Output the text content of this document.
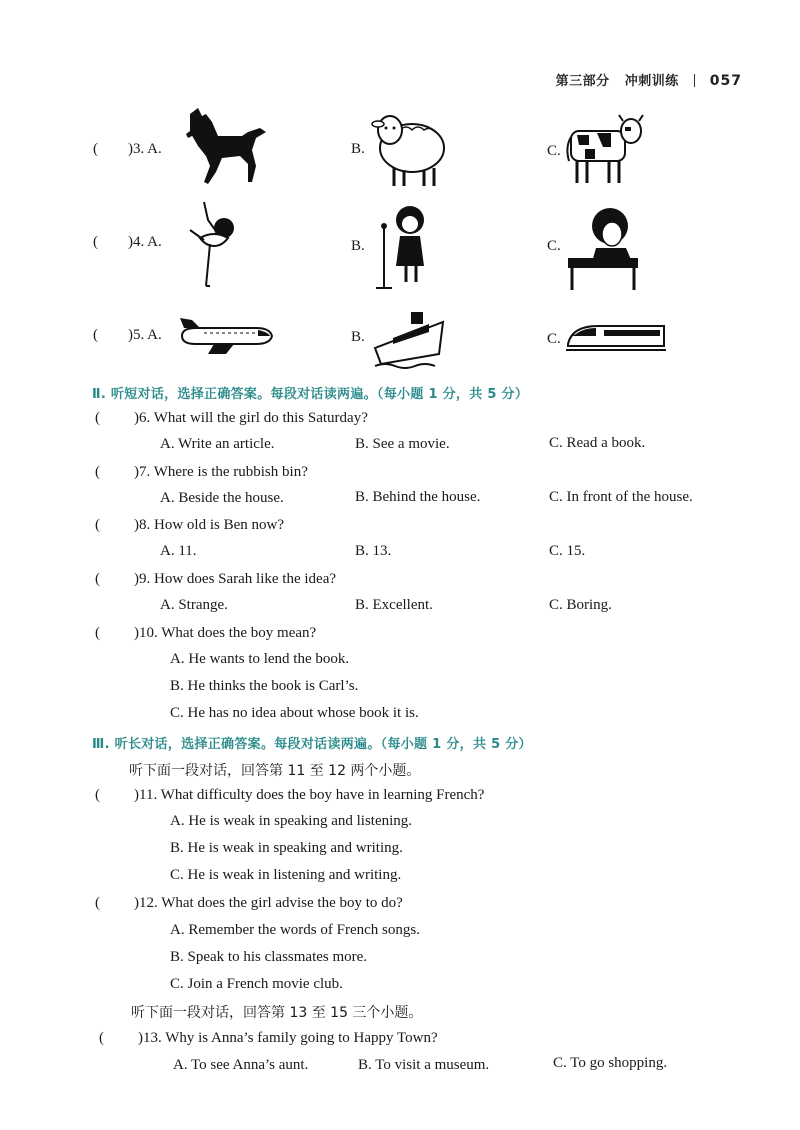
第三部分 冲刺训练 057
( )3. A.	B.	C.
( )4. A.	B.	C.
( )5. A.	B.	C.
Ⅱ. 听短对话，选择正确答案。每段对话读两遍。（每小题 1 分，共 5 分）
( )6. What will the girl do this Saturday?
A. Write an article.	B. See a movie.	C. Read a book.
( )7. Where is the rubbish bin?
A. Beside the house.	B. Behind the house.	C. In front of the house.
( )8. How old is Ben now?
A. 11.	B. 13.	C. 15.
( )9. How does Sarah like the idea?
A. Strange.	B. Excellent.	C. Boring.
( )10. What does the boy mean?
A. He wants to lend the book.
B. He thinks the book is Carl’s.
C. He has no idea about whose book it is.
Ⅲ. 听长对话，选择正确答案。每段对话读两遍。（每小题 1 分，共 5 分）
听下面一段对话，回答第 11 至 12 两个小题。
( )11. What difficulty does the boy have in learning French?
A. He is weak in speaking and listening.
B. He is weak in speaking and writing.
C. He is weak in listening and writing.
( )12. What does the girl advise the boy to do?
A. Remember the words of French songs.
B. Speak to his classmates more.
C. Join a French movie club.
听下面一段对话，回答第 13 至 15 三个小题。
( )13. Why is Anna’s family going to Happy Town?
A. To see Anna’s aunt.	B. To visit a museum.	C. To go shopping.
